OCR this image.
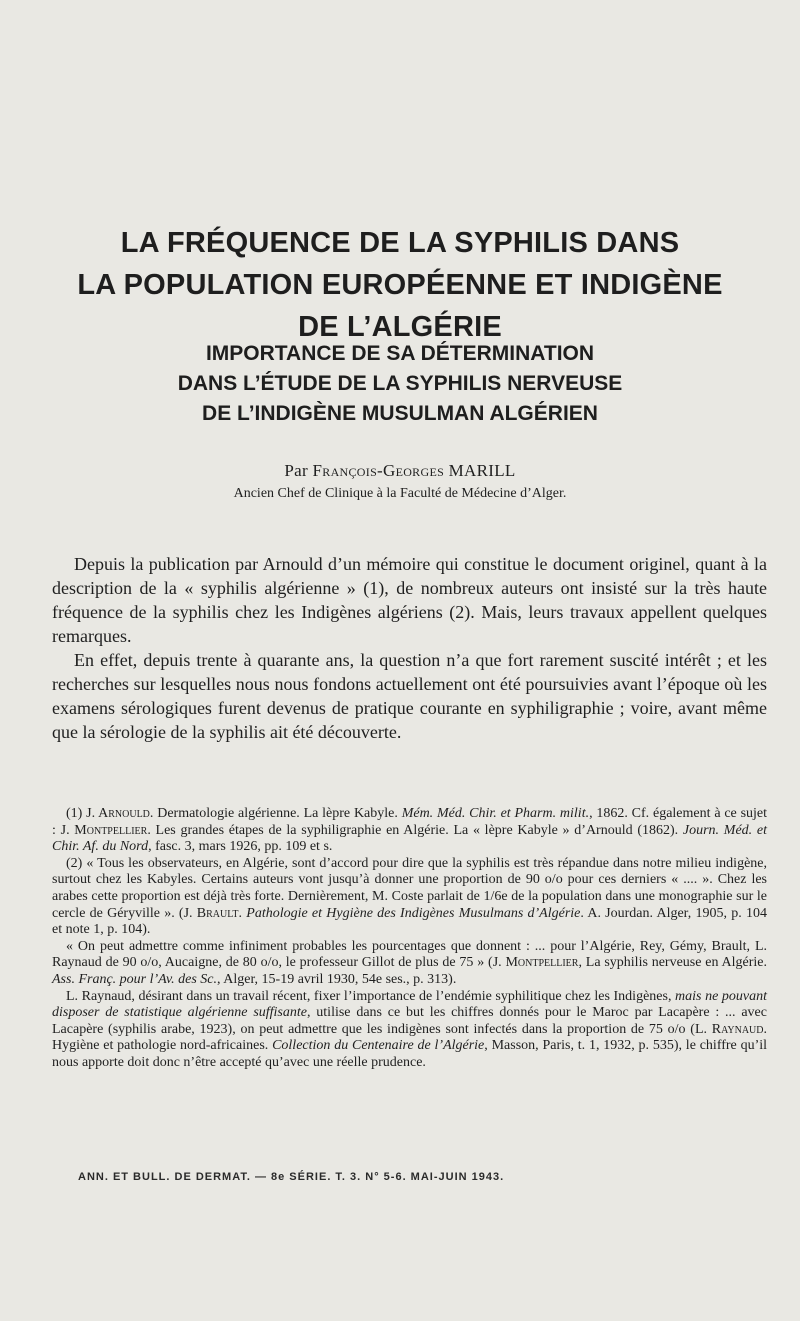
LA FRÉQUENCE DE LA SYPHILIS DANS
LA POPULATION EUROPÉENNE ET INDIGÈNE
DE L’ALGÉRIE
IMPORTANCE DE SA DÉTERMINATION
DANS L’ÉTUDE DE LA SYPHILIS NERVEUSE
DE L’INDIGÈNE MUSULMAN ALGÉRIEN
Par François-Georges MARILL
Ancien Chef de Clinique à la Faculté de Médecine d’Alger.

Depuis la publication par Arnould d’un mémoire qui constitue le document originel, quant à la description de la « syphilis algérienne » (1), de nombreux auteurs ont insisté sur la très haute fréquence de la syphilis chez les Indigènes algériens (2). Mais, leurs travaux appellent quelques remarques.

En effet, depuis trente à quarante ans, la question n’a que fort rarement suscité intérêt ; et les recherches sur lesquelles nous nous fondons actuellement ont été poursuivies avant l’époque où les examens sérologiques furent devenus de pratique courante en syphiligraphie ; voire, avant même que la sérologie de la syphilis ait été découverte.

(1) J. Arnould. Dermatologie algérienne. La lèpre Kabyle. Mém. Méd. Chir. et Pharm. milit., 1862. Cf. également à ce sujet : J. Montpellier. Les grandes étapes de la syphiligraphie en Algérie. La « lèpre Kabyle » d’Arnould (1862). Journ. Méd. et Chir. Af. du Nord, fasc. 3, mars 1926, pp. 109 et s.

(2) « Tous les observateurs, en Algérie, sont d’accord pour dire que la syphilis est très répandue dans notre milieu indigène, surtout chez les Kabyles. Certains auteurs vont jusqu’à donner une proportion de 90 o/o pour ces derniers « .... ». Chez les arabes cette proportion est déjà très forte. Dernièrement, M. Coste parlait de 1/6e de la population dans une monographie sur le cercle de Géryville ». (J. Brault. Pathologie et Hygiène des Indigènes Musulmans d’Algérie. A. Jourdan. Alger, 1905, p. 104 et note 1, p. 104).

« On peut admettre comme infiniment probables les pourcentages que donnent : ... pour l’Algérie, Rey, Gémy, Brault, L. Raynaud de 90 o/o, Aucaigne, de 80 o/o, le professeur Gillot de plus de 75 » (J. Montpellier, La syphilis nerveuse en Algérie. Ass. Franç. pour l’Av. des Sc., Alger, 15-19 avril 1930, 54e ses., p. 313).

L. Raynaud, désirant dans un travail récent, fixer l’importance de l’endémie syphilitique chez les Indigènes, mais ne pouvant disposer de statistique algérienne suffisante, utilise dans ce but les chiffres donnés pour le Maroc par Lacapère : ... avec Lacapère (syphilis arabe, 1923), on peut admettre que les indigènes sont infectés dans la proportion de 75 o/o (L. Raynaud. Hygiène et pathologie nord-africaines. Collection du Centenaire de l’Algérie, Masson, Paris, t. 1, 1932, p. 535), le chiffre qu’il nous apporte doit donc n’être accepté qu’avec une réelle prudence.

ANN. ET BULL. DE DERMAT. — 8e SÉRIE. T. 3. N° 5-6. MAI-JUIN 1943.
